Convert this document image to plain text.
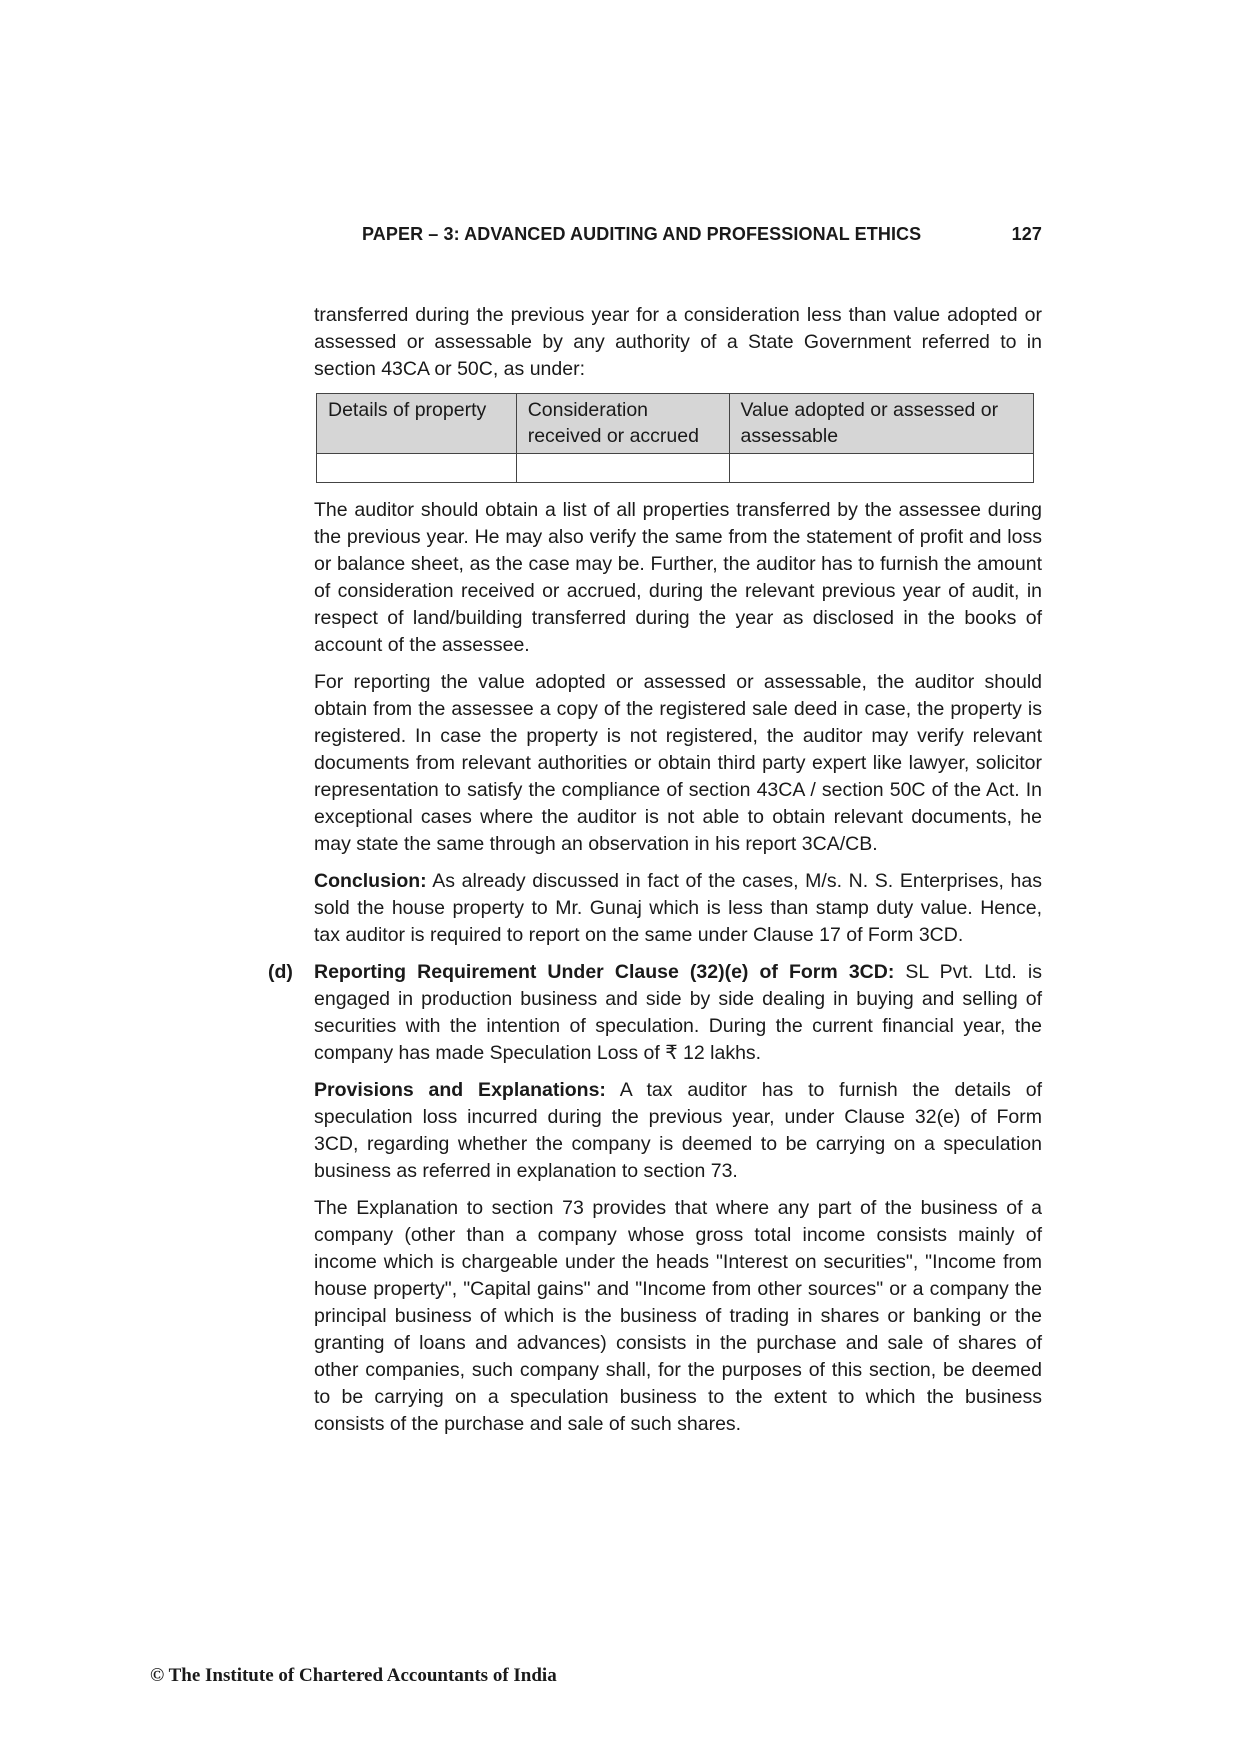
PAPER – 3: ADVANCED AUDITING AND PROFESSIONAL ETHICS	127

transferred during the previous year for a consideration less than value adopted or assessed or assessable by any authority of a State Government referred to in section 43CA or 50C, as under:

Details of property	Consideration received or accrued	Value adopted or assessed or assessable

The auditor should obtain a list of all properties transferred by the assessee during the previous year. He may also verify the same from the statement of profit and loss or balance sheet, as the case may be. Further, the auditor has to furnish the amount of consideration received or accrued, during the relevant previous year of audit, in respect of land/building transferred during the year as disclosed in the books of account of the assessee.

For reporting the value adopted or assessed or assessable, the auditor should obtain from the assessee a copy of the registered sale deed in case, the property is registered. In case the property is not registered, the auditor may verify relevant documents from relevant authorities or obtain third party expert like lawyer, solicitor representation to satisfy the compliance of section 43CA / section 50C of the Act. In exceptional cases where the auditor is not able to obtain relevant documents, he may state the same through an observation in his report 3CA/CB.

Conclusion: As already discussed in fact of the cases, M/s. N. S. Enterprises, has sold the house property to Mr. Gunaj which is less than stamp duty value. Hence, tax auditor is required to report on the same under Clause 17 of Form 3CD.

(d) Reporting Requirement Under Clause (32)(e) of Form 3CD: SL Pvt. Ltd. is engaged in production business and side by side dealing in buying and selling of securities with the intention of speculation. During the current financial year, the company has made Speculation Loss of ₹ 12 lakhs.

Provisions and Explanations: A tax auditor has to furnish the details of speculation loss incurred during the previous year, under Clause 32(e) of Form 3CD, regarding whether the company is deemed to be carrying on a speculation business as referred in explanation to section 73.

The Explanation to section 73 provides that where any part of the business of a company (other than a company whose gross total income consists mainly of income which is chargeable under the heads "Interest on securities", "Income from house property", "Capital gains" and "Income from other sources" or a company the principal business of which is the business of trading in shares or banking or the granting of loans and advances) consists in the purchase and sale of shares of other companies, such company shall, for the purposes of this section, be deemed to be carrying on a speculation business to the extent to which the business consists of the purchase and sale of such shares.

© The Institute of Chartered Accountants of India
